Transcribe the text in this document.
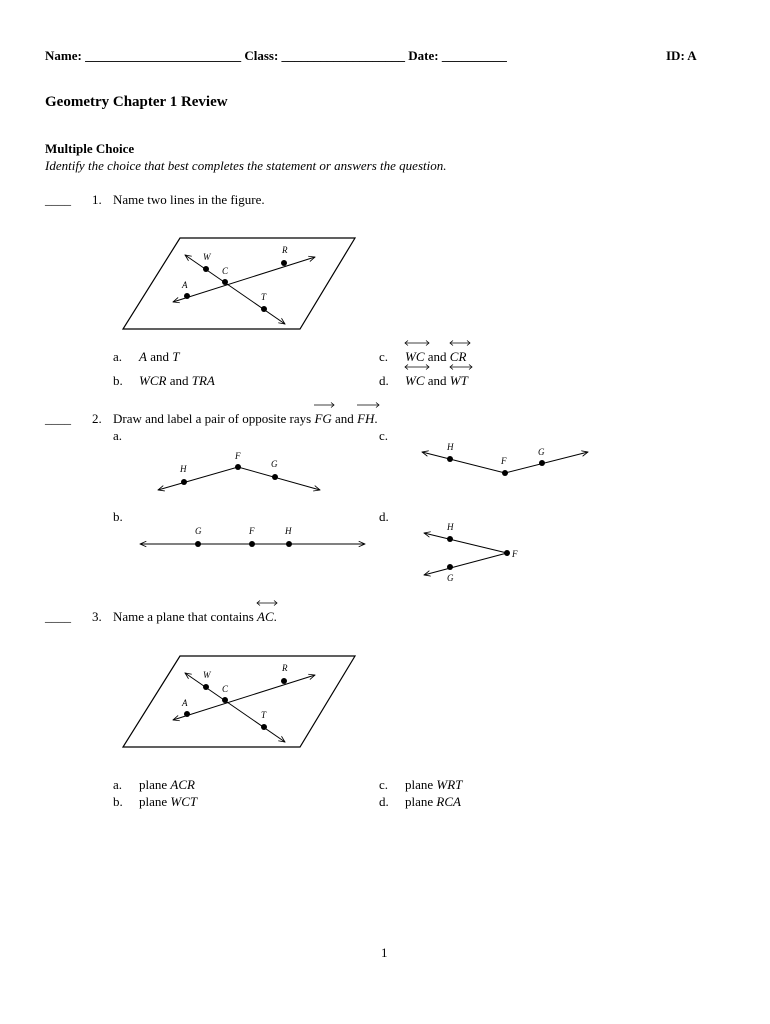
Name: ________________________ Class: ___________________ Date: __________	ID: A
Geometry Chapter 1 Review
Multiple Choice
Identify the choice that best completes the statement or answers the question.
____ 1. Name two lines in the figure.
W
C
R
A
T
a. A and T
b. WCR and TRA
c. WC and
CR
d. WC and
WT
____ 2. Draw and label a pair of opposite rays
FG and
FH.
a.	c.
H
F
G
H
F
G
b.	d.
G	F	H	H
F
G
____ 3. Name a plane that contains
AC.
W
C
R
A
T
a. plane ACR
b. plane WCT
c. plane WRT
d. plane RCA
1
